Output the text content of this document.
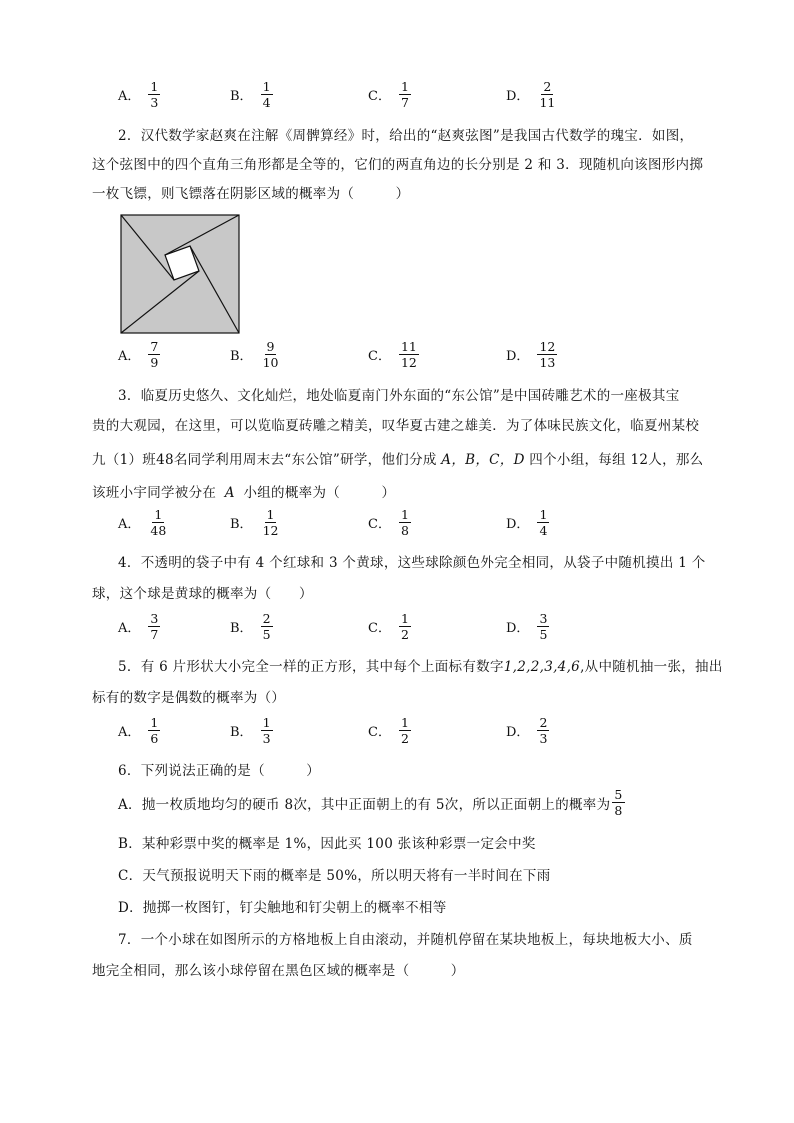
A． $\frac{1}{3}$	B． $\frac{1}{4}$	C． $\frac{1}{7}$	D． $\frac{2}{11}$
2．汉代数学家赵爽在注解《周髀算经》时，给出的“赵爽弦图”是我国古代数学的瑰宝．如图，
这个弦图中的四个直角三角形都是全等的，它们的两直角边的长分别是 2 和 3．现随机向该图形内掷
一枚飞镖，则飞镖落在阴影区域的概率为（　　　）
A． $\frac{7}{9}$	B． $\frac{9}{10}$	C． $\frac{11}{12}$	D． $\frac{12}{13}$
3．临夏历史悠久、文化灿烂，地处临夏南门外东面的“东公馆”是中国砖雕艺术的一座极其宝
贵的大观园，在这里，可以览临夏砖雕之精美，叹华夏古建之雄美．为了体味民族文化，临夏州某校
九（1）班48名同学利用周末去“东公馆”研学，他们分成 A，B，C，D 四个小组，每组 12人，那么
该班小宇同学被分在 A 小组的概率为（　　　）
A． $\frac{1}{48}$	B． $\frac{1}{12}$	C． $\frac{1}{8}$	D． $\frac{1}{4}$
4．不透明的袋子中有 4 个红球和 3 个黄球，这些球除颜色外完全相同，从袋子中随机摸出 1 个
球，这个球是黄球的概率为（　　）
A． $\frac{3}{7}$	B． $\frac{2}{5}$	C． $\frac{1}{2}$	D． $\frac{3}{5}$
5．有 6 片形状大小完全一样的正方形，其中每个上面标有数字1,2,2,3,4,6,从中随机抽一张，抽出
标有的数字是偶数的概率为（）
A． $\frac{1}{6}$	B． $\frac{1}{3}$	C． $\frac{1}{2}$	D． $\frac{2}{3}$
6．下列说法正确的是（　　　）
A．抛一枚质地均匀的硬币 8次，其中正面朝上的有 5次，所以正面朝上的概率为 $\frac{5}{8}$
B．某种彩票中奖的概率是 1%，因此买 100 张该种彩票一定会中奖
C．天气预报说明天下雨的概率是 50%，所以明天将有一半时间在下雨
D．抛掷一枚图钉，钉尖触地和钉尖朝上的概率不相等
7．一个小球在如图所示的方格地板上自由滚动，并随机停留在某块地板上，每块地板大小、质
地完全相同，那么该小球停留在黑色区域的概率是（　　　）
